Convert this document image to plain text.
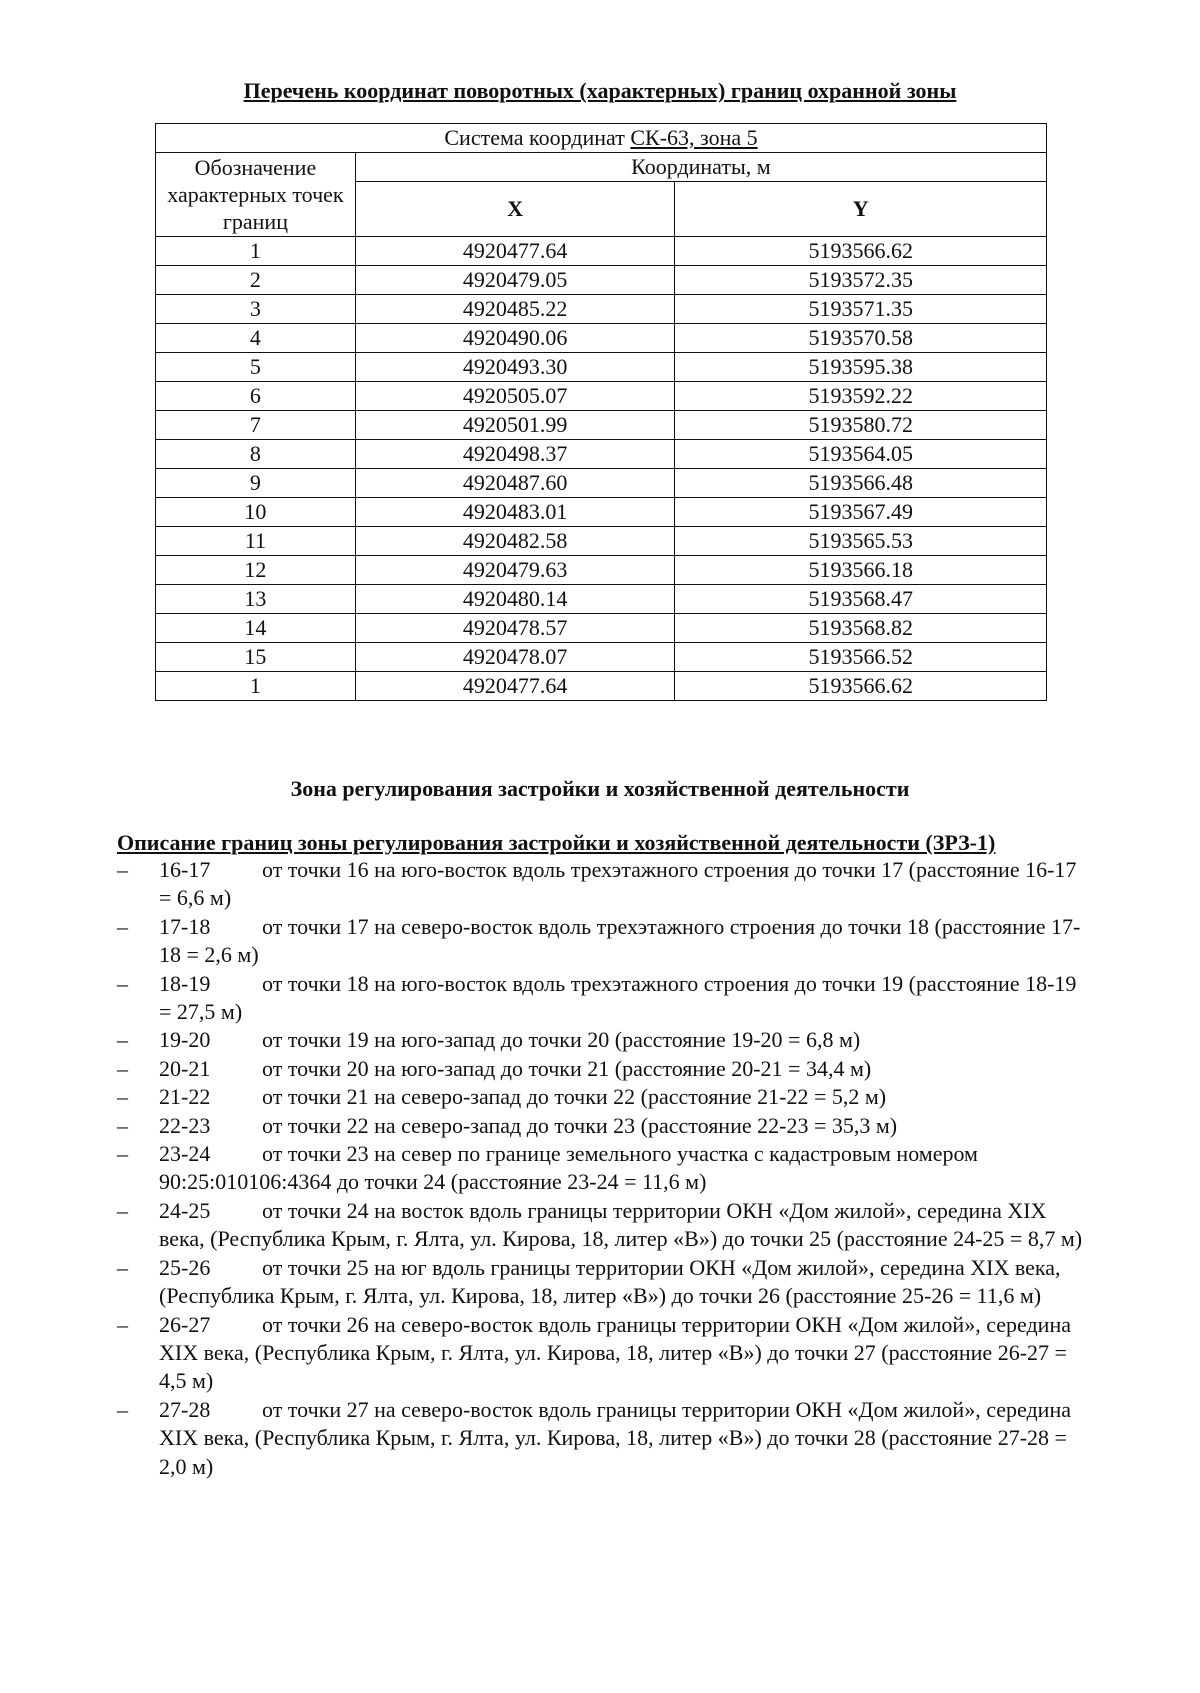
Перечень координат поворотных (характерных) границ охранной зоны
Система координат СК-63, зона 5		
Обозначение характерных точек границ	Координаты, м	
	X	Y
1	4920477.64	5193566.62
2	4920479.05	5193572.35
3	4920485.22	5193571.35
4	4920490.06	5193570.58
5	4920493.30	5193595.38
6	4920505.07	5193592.22
7	4920501.99	5193580.72
8	4920498.37	5193564.05
9	4920487.60	5193566.48
10	4920483.01	5193567.49
11	4920482.58	5193565.53
12	4920479.63	5193566.18
13	4920480.14	5193568.47
14	4920478.57	5193568.82
15	4920478.07	5193566.52
1	4920477.64	5193566.62
Зона регулирования застройки и хозяйственной деятельности
Описание границ зоны регулирования застройки и хозяйственной деятельности (ЗРЗ-1)
– 16-17 от точки 16 на юго-восток вдоль трехэтажного строения до точки 17 (расстояние 16-17 = 6,6 м)
– 17-18 от точки 17 на северо-восток вдоль трехэтажного строения до точки 18 (расстояние 17-18 = 2,6 м)
– 18-19 от точки 18 на юго-восток вдоль трехэтажного строения до точки 19 (расстояние 18-19 = 27,5 м)
– 19-20 от точки 19 на юго-запад до точки 20 (расстояние 19-20 = 6,8 м)
– 20-21 от точки 20 на юго-запад до точки 21 (расстояние 20-21 = 34,4 м)
– 21-22 от точки 21 на северо-запад до точки 22 (расстояние 21-22 = 5,2 м)
– 22-23 от точки 22 на северо-запад до точки 23 (расстояние 22-23 = 35,3 м)
– 23-24 от точки 23 на север по границе земельного участка с кадастровым номером 90:25:010106:4364 до точки 24 (расстояние 23-24 = 11,6 м)
– 24-25 от точки 24 на восток вдоль границы территории ОКН «Дом жилой», середина XIX века, (Республика Крым, г. Ялта, ул. Кирова, 18, литер «В») до точки 25 (расстояние 24-25 = 8,7 м)
– 25-26 от точки 25 на юг вдоль границы территории ОКН «Дом жилой», середина XIX века, (Республика Крым, г. Ялта, ул. Кирова, 18, литер «В») до точки 26 (расстояние 25-26 = 11,6 м)
– 26-27 от точки 26 на северо-восток вдоль границы территории ОКН «Дом жилой», середина XIX века, (Республика Крым, г. Ялта, ул. Кирова, 18, литер «В») до точки 27 (расстояние 26-27 = 4,5 м)
– 27-28 от точки 27 на северо-восток вдоль границы территории ОКН «Дом жилой», середина XIX века, (Республика Крым, г. Ялта, ул. Кирова, 18, литер «В») до точки 28 (расстояние 27-28 = 2,0 м)
